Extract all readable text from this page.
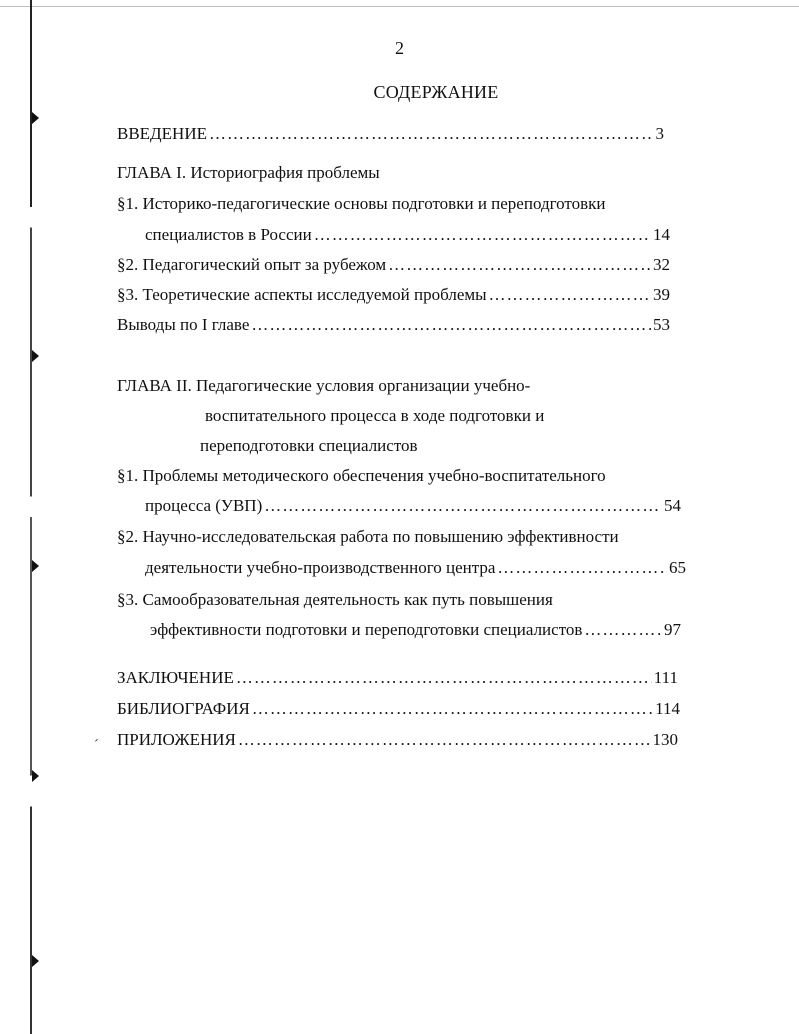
2
СОДЕРЖАНИЕ
ВВЕДЕНИЕ ……………………………………………………………………………………………………………………………………………………	3
ГЛАВА I. Историография проблемы
§1. Историко-педагогические основы подготовки и переподготовки
специалистов в России ……………………………………………………………………………………………………………………………………………………	14
§2. Педагогический опыт за рубежом ……………………………………………………………………………………………………………………………………………………	32
§3. Теоретические аспекты исследуемой проблемы ……………………………………………………………………………………………………………………………………………………	39
Выводы по I главе ……………………………………………………………………………………………………………………………………………………	53
ГЛАВА II. Педагогические условия организации учебно-
воспитательного процесса в ходе подготовки и
переподготовки специалистов
§1. Проблемы методического обеспечения учебно-воспитательного
процесса (УВП) ……………………………………………………………………………………………………………………………………………………	54
§2. Научно-исследовательская работа по повышению эффективности
деятельности учебно-производственного центра ……………………………………………………………………………………………………………………………………………………	65
§3. Самообразовательная деятельность как путь повышения
эффективности подготовки и переподготовки специалистов ……………………………………………………………………………………………………………………………………………………	97
ЗАКЛЮЧЕНИЕ ……………………………………………………………………………………………………………………………………………………	111
БИБЛИОГРАФИЯ ……………………………………………………………………………………………………………………………………………………	114
ПРИЛОЖЕНИЯ ……………………………………………………………………………………………………………………………………………………	130
ˊ
